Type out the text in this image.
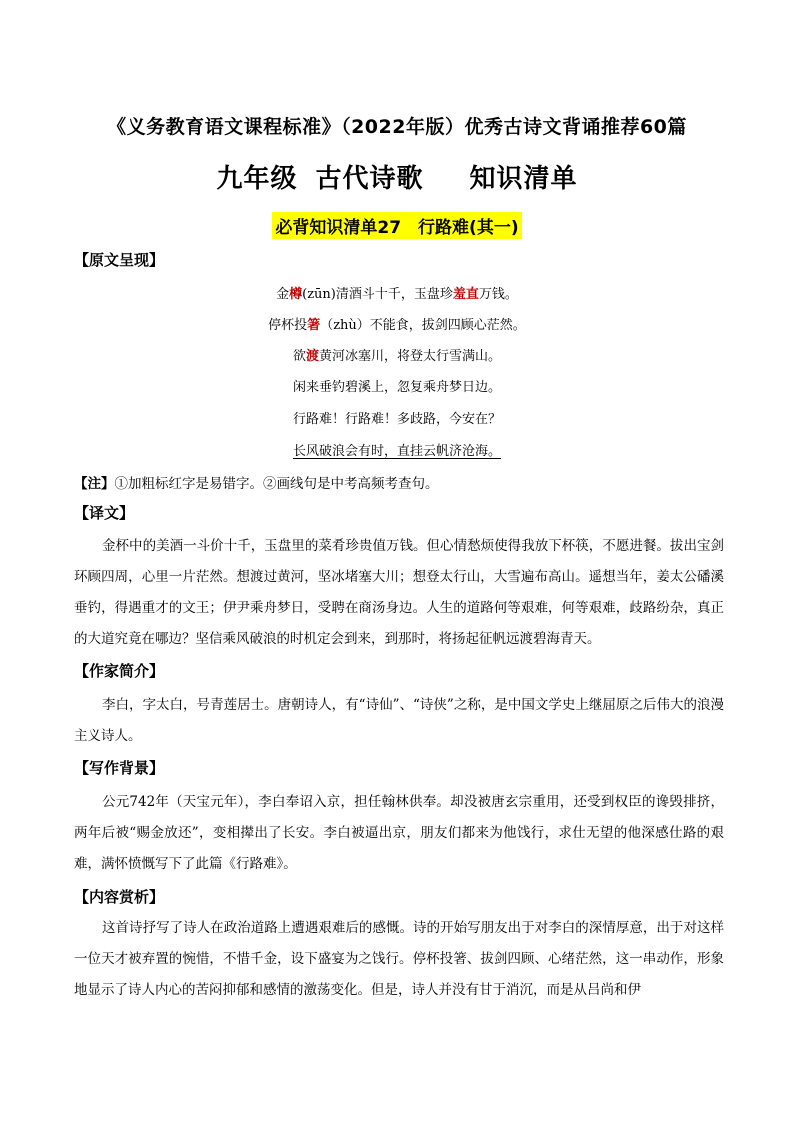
《义务教育语文课程标准》（2022年版）优秀古诗文背诵推荐60篇
九年级 古代诗歌 知识清单
必背知识清单27　行路难(其一)
【原文呈现】
金樽(zūn)清酒斗十千，玉盘珍羞直万钱。
停杯投箸（zhù）不能食，拔剑四顾心茫然。
欲渡黄河冰塞川，将登太行雪满山。
闲来垂钓碧溪上，忽复乘舟梦日边。
行路难！行路难！多歧路，今安在？
长风破浪会有时，直挂云帆济沧海。
【注】①加粗标红字是易错字。②画线句是中考高频考查句。
【译文】
金杯中的美酒一斗价十千，玉盘里的菜肴珍贵值万钱。但心情愁烦使得我放下杯筷，不愿进餐。拔出宝剑环顾四周，心里一片茫然。想渡过黄河，坚冰堵塞大川；想登太行山，大雪遍布高山。遥想当年，姜太公磻溪垂钓，得遇重才的文王；伊尹乘舟梦日，受聘在商汤身边。人生的道路何等艰难，何等艰难，歧路纷杂，真正的大道究竟在哪边？坚信乘风破浪的时机定会到来，到那时，将扬起征帆远渡碧海青天。
【作家简介】
李白，字太白，号青莲居士。唐朝诗人，有“诗仙”、“诗侠”之称，是中国文学史上继屈原之后伟大的浪漫主义诗人。
【写作背景】
公元742年（天宝元年），李白奉诏入京，担任翰林供奉。却没被唐玄宗重用，还受到权臣的谗毁排挤，两年后被“赐金放还”，变相撵出了长安。李白被逼出京，朋友们都来为他饯行，求仕无望的他深感仕路的艰难，满怀愤慨写下了此篇《行路难》。
【内容赏析】
这首诗抒写了诗人在政治道路上遭遇艰难后的感慨。诗的开始写朋友出于对李白的深情厚意，出于对这样一位天才被弃置的惋惜，不惜千金，设下盛宴为之饯行。停杯投箸、拔剑四顾、心绪茫然，这一串动作，形象地显示了诗人内心的苦闷抑郁和感情的激荡变化。但是，诗人并没有甘于消沉，而是从吕尚和伊
